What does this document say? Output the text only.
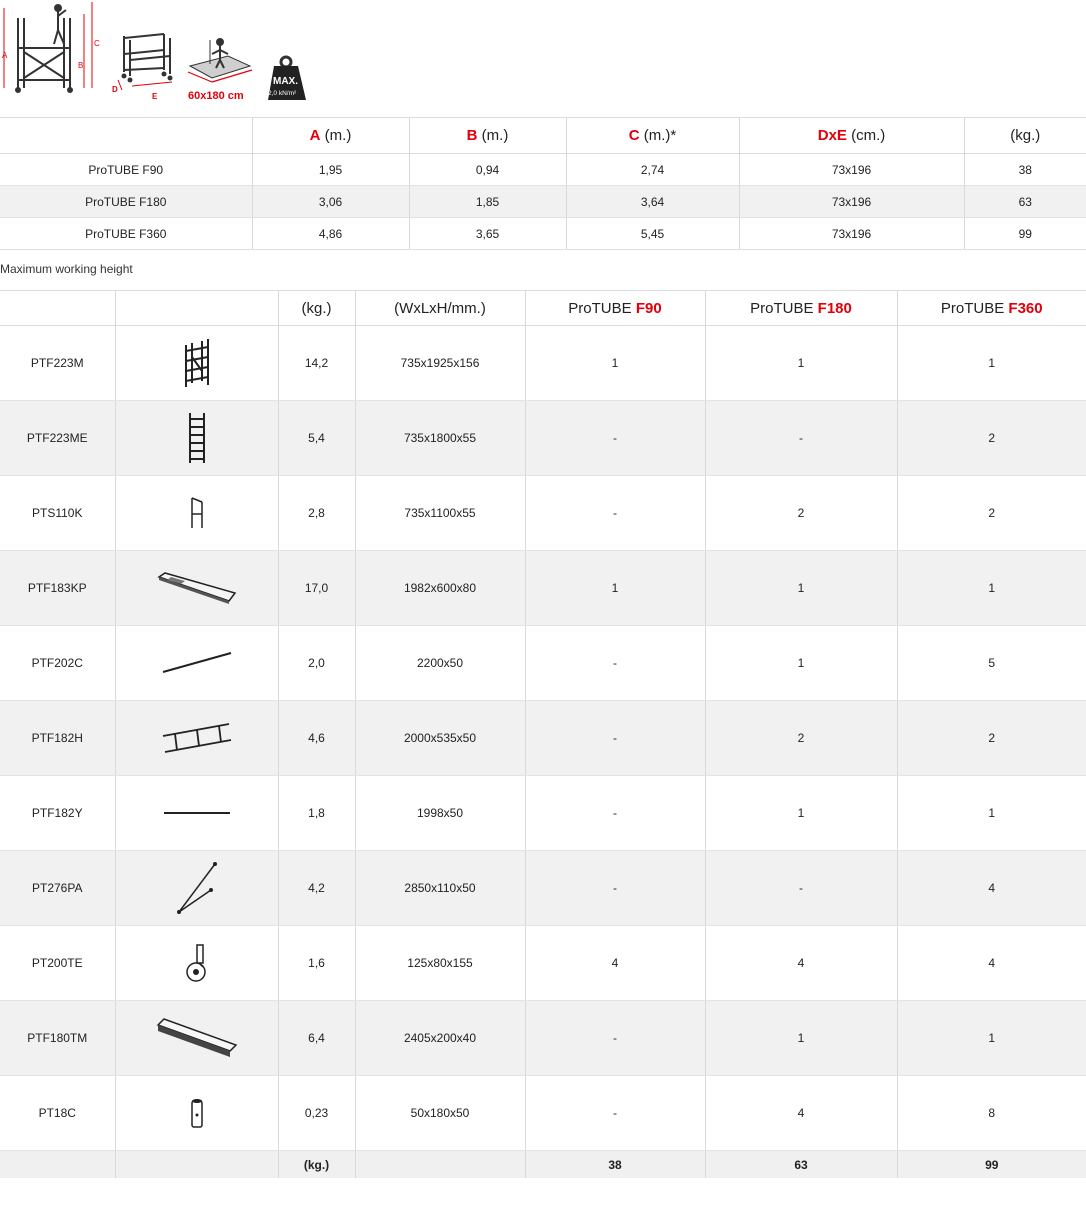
A
B
C
D
E	60x180 cm
MAX.
2,0 kN/m²
	A (m.)	B (m.)	C (m.)*	DxE (cm.)	(kg.)
ProTUBE F90	1,95	0,94	2,74	73x196	38
ProTUBE F180	3,06	1,85	3,64	73x196	63
ProTUBE F360	4,86	3,65	5,45	73x196	99
Maximum working height
		(kg.)	(WxLxH/mm.)	ProTUBE F90	ProTUBE F180	ProTUBE F360
PTF223M		14,2	735x1925x156	1	1	1
PTF223ME		5,4	735x1800x55	-	-	2
PTS110K		2,8	735x1100x55	-	2	2
PTF183KP		17,0	1982x600x80	1	1	1
PTF202C		2,0	2200x50	-	1	5
PTF182H		4,6	2000x535x50	-	2	2
PTF182Y		1,8	1998x50	-	1	1
PT276PA		4,2	2850x110x50	-	-	4
PT200TE		1,6	125x80x155	4	4	4
PTF180TM		6,4	2405x200x40	-	1	1
PT18C		0,23	50x180x50	-	4	8
		(kg.)		38	63	99
